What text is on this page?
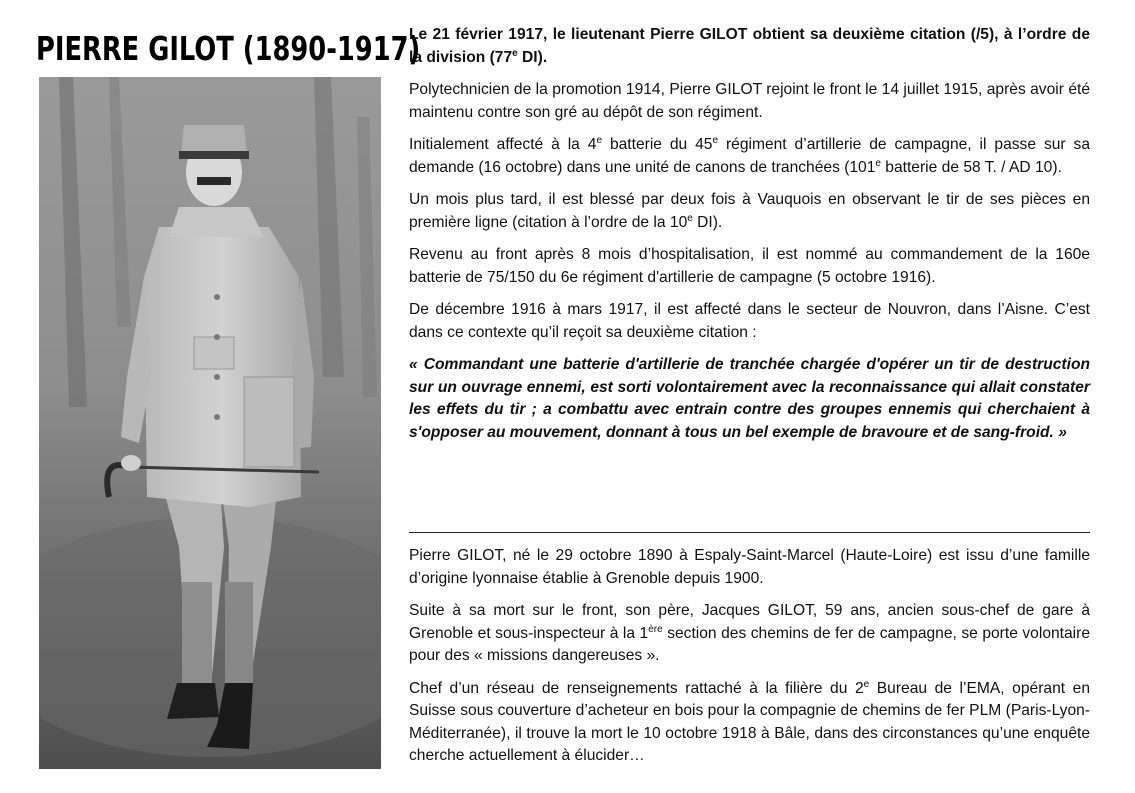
PIERRE GILOT (1890-1917)

Le 21 février 1917, le lieutenant Pierre GILOT obtient sa deuxième citation (/5), à l’ordre de la division (77e DI).

Polytechnicien de la promotion 1914, Pierre GILOT rejoint le front le 14 juillet 1915, après avoir été maintenu contre son gré au dépôt de son régiment.

Initialement affecté à la 4e batterie du 45e régiment d’artillerie de campagne, il passe sur sa demande (16 octobre) dans une unité de canons de tranchées (101e batterie de 58 T. / AD 10).

Un mois plus tard, il est blessé par deux fois à Vauquois en observant le tir de ses pièces en première ligne (citation à l’ordre de la 10e DI).

Revenu au front après 8 mois d’hospitalisation, il est nommé au commandement de la 160e batterie de 75/150 du 6e régiment d'artillerie de campagne (5 octobre 1916).

De décembre 1916 à mars 1917, il est affecté dans le secteur de Nouvron, dans l’Aisne. C’est dans ce contexte qu’il reçoit sa deuxième citation :

« Commandant une batterie d'artillerie de tranchée chargée d'opérer un tir de destruction sur un ouvrage ennemi, est sorti volontairement avec la reconnaissance qui allait constater les effets du tir ; a combattu avec entrain contre des groupes ennemis qui cherchaient à s'opposer au mouvement, donnant à tous un bel exemple de bravoure et de sang-froid. »

Pierre GILOT, né le 29 octobre 1890 à Espaly-Saint-Marcel (Haute-Loire) est issu d’une famille d’origine lyonnaise établie à Grenoble depuis 1900.

Suite à sa mort sur le front, son père, Jacques GILOT, 59 ans, ancien sous-chef de gare à Grenoble et sous-inspecteur à la 1ère section des chemins de fer de campagne, se porte volontaire pour des « missions dangereuses ».

Chef d’un réseau de renseignements rattaché à la filière du 2e Bureau de l’EMA, opérant en Suisse sous couverture d’acheteur en bois pour la compagnie de chemins de fer PLM (Paris-Lyon-Méditerranée), il trouve la mort le 10 octobre 1918 à Bâle, dans des circonstances qu’une enquête cherche actuellement à élucider…
